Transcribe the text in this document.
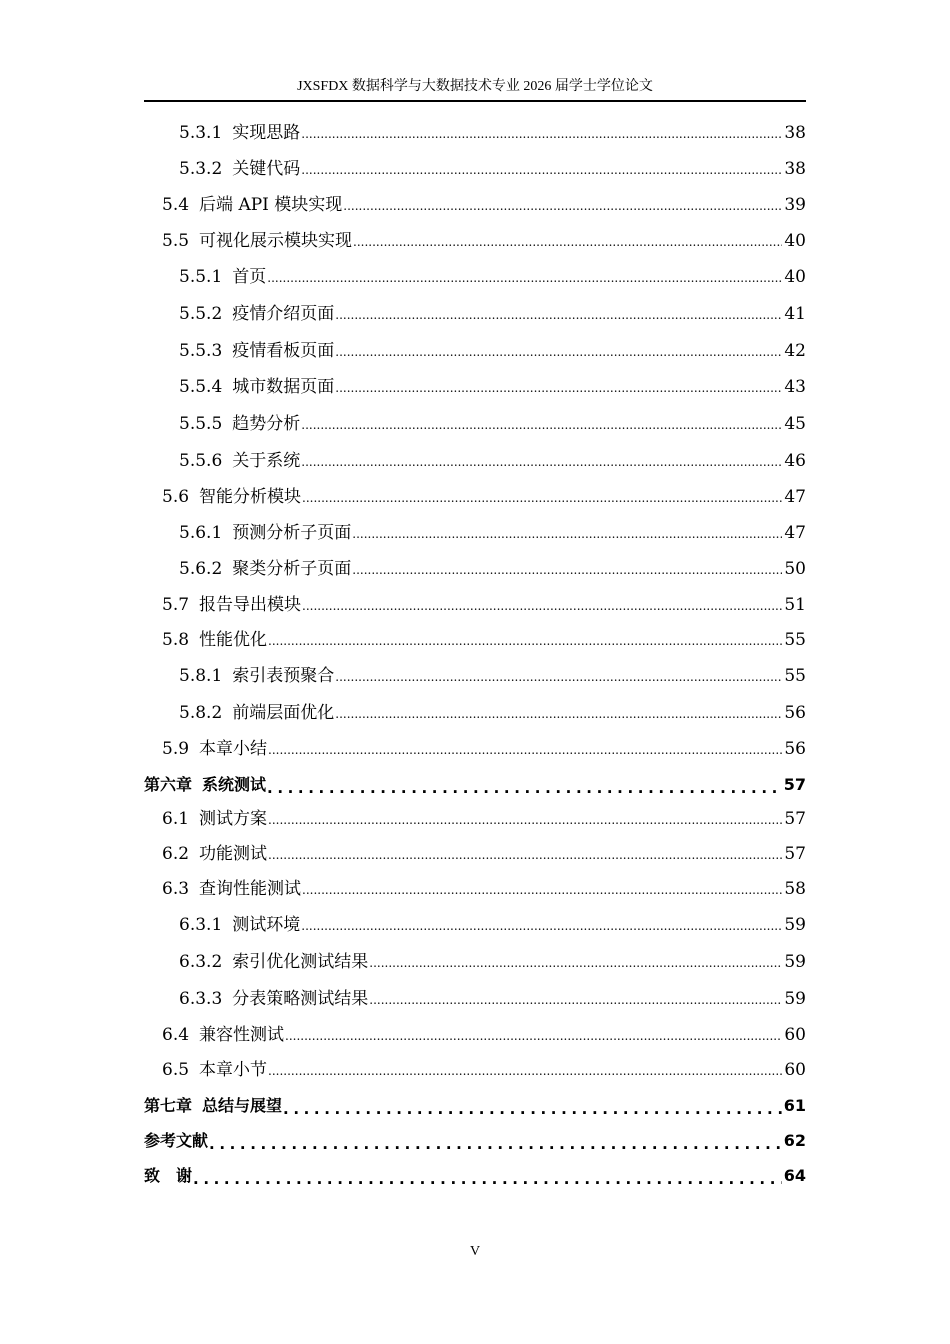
JXSFDX 数据科学与大数据技术专业 2026 届学士学位论文
5.3.1 实现思路 .....	38
5.3.2 关键代码 .....	38
5.4 后端 API 模块实现 .....	39
5.5 可视化展示模块实现 .....	40
5.5.1 首页 .....	40
5.5.2 疫情介绍页面 .....	41
5.5.3 疫情看板页面 .....	42
5.5.4 城市数据页面 .....	43
5.5.5 趋势分析 .....	45
5.5.6 关于系统 .....	46
5.6 智能分析模块 .....	47
5.6.1 预测分析子页面 .....	47
5.6.2 聚类分析子页面 .....	50
5.7 报告导出模块 .....	51
5.8 性能优化 .....	55
5.8.1 索引表预聚合 .....	55
5.8.2 前端层面优化 .....	56
5.9 本章小结 .....	56
第六章 系统测试 .....	57
6.1 测试方案 .....	57
6.2 功能测试 .....	57
6.3 查询性能测试 .....	58
6.3.1 测试环境 .....	59
6.3.2 索引优化测试结果 .....	59
6.3.3 分表策略测试结果 .....	59
6.4 兼容性测试 .....	60
6.5 本章小节 .....	60
第七章 总结与展望 .....	61
参考文献 .....	62
致　谢 .....	64
V
